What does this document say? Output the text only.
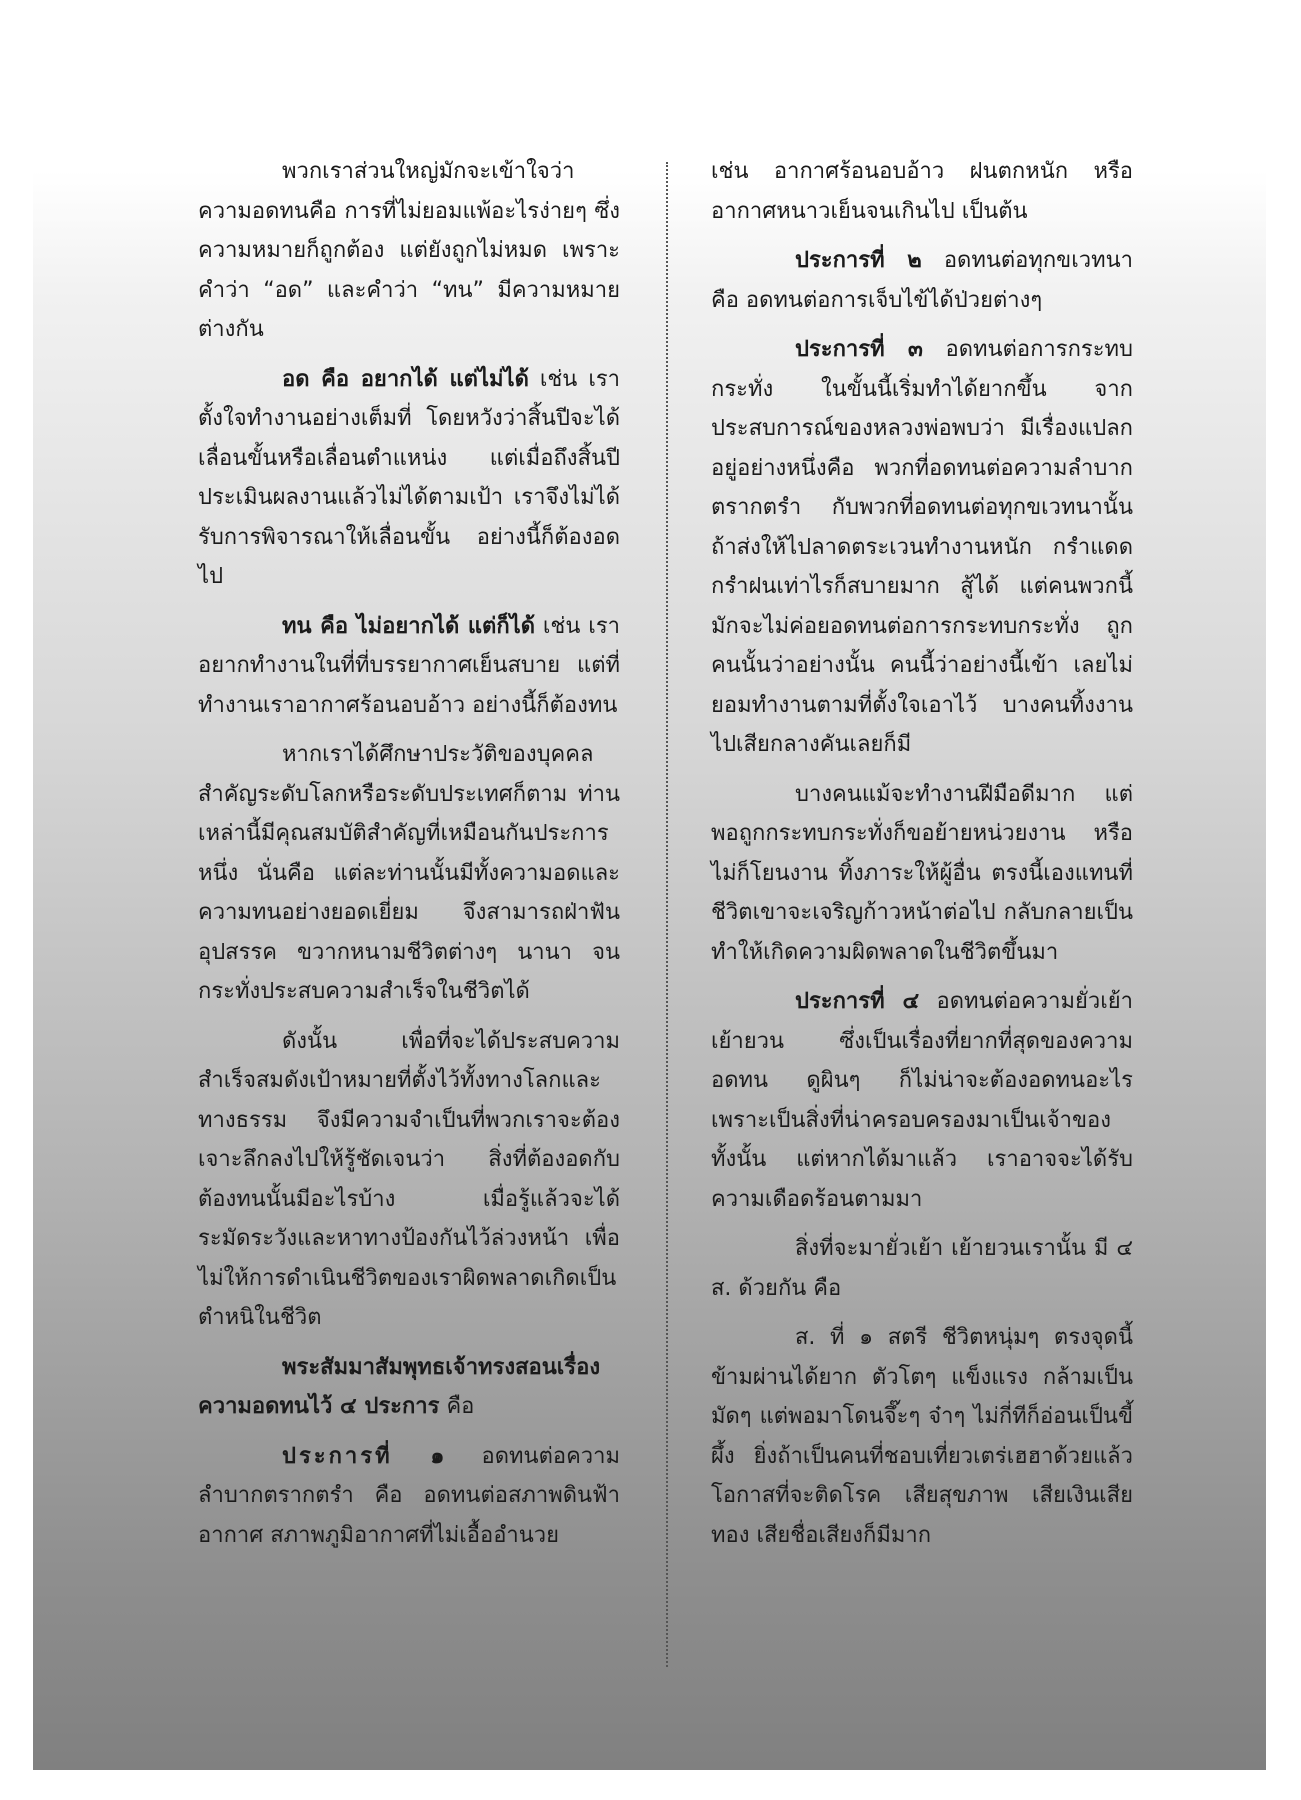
พวกเราส่วนใหญ่มักจะเข้าใจว่าความอดทนคือ การที่ไม่ยอมแพ้อะไรง่ายๆ ซึ่งความหมายก็ถูกต้อง แต่ยังถูกไม่หมด เพราะคำว่า “อด” และคำว่า “ทน” มีความหมายต่างกัน

อด คือ อยากได้ แต่ไม่ได้ เช่น เราตั้งใจทำงานอย่างเต็มที่ โดยหวังว่าสิ้นปีจะได้เลื่อนขั้นหรือเลื่อนตำแหน่ง แต่เมื่อถึงสิ้นปี ประเมินผลงานแล้วไม่ได้ตามเป้า เราจึงไม่ได้รับการพิจารณาให้เลื่อนขั้น อย่างนี้ก็ต้องอดไป

ทน คือ ไม่อยากได้ แต่ก็ได้ เช่น เราอยากทำงานในที่ที่บรรยากาศเย็นสบาย แต่ที่ทำงานเราอากาศร้อนอบอ้าว อย่างนี้ก็ต้องทน

หากเราได้ศึกษาประวัติของบุคคลสำคัญระดับโลกหรือระดับประเทศก็ตาม ท่านเหล่านี้มีคุณสมบัติสำคัญที่เหมือนกันประการหนึ่ง นั่นคือ แต่ละท่านนั้นมีทั้งความอดและความทนอย่างยอดเยี่ยม จึงสามารถฝ่าฟันอุปสรรค ขวากหนามชีวิตต่างๆ นานา จนกระทั่งประสบความสำเร็จในชีวิตได้

ดังนั้น เพื่อที่จะได้ประสบความสำเร็จสมดังเป้าหมายที่ตั้งไว้ทั้งทางโลกและทางธรรม จึงมีความจำเป็นที่พวกเราจะต้องเจาะลึกลงไปให้รู้ชัดเจนว่า สิ่งที่ต้องอดกับต้องทนนั้นมีอะไรบ้าง เมื่อรู้แล้วจะได้ระมัดระวังและหาทางป้องกันไว้ล่วงหน้า เพื่อไม่ให้การดำเนินชีวิตของเราผิดพลาดเกิดเป็นตำหนิในชีวิต

พระสัมมาสัมพุทธเจ้าทรงสอนเรื่องความอดทนไว้ ๔ ประการ คือ

ประการที่ ๑ อดทนต่อความลำบากตรากตรำ คือ อดทนต่อสภาพดินฟ้าอากาศ สภาพภูมิอากาศที่ไม่เอื้ออำนวย

เช่น อากาศร้อนอบอ้าว ฝนตกหนัก หรืออากาศหนาวเย็นจนเกินไป เป็นต้น

ประการที่ ๒ อดทนต่อทุกขเวทนา คือ อดทนต่อการเจ็บไข้ได้ป่วยต่างๆ

ประการที่ ๓ อดทนต่อการกระทบกระทั่ง ในขั้นนี้เริ่มทำได้ยากขึ้น จากประสบการณ์ของหลวงพ่อพบว่า มีเรื่องแปลกอยู่อย่างหนึ่งคือ พวกที่อดทนต่อความลำบากตรากตรำ กับพวกที่อดทนต่อทุกขเวทนานั้น ถ้าส่งให้ไปลาดตระเวนทำงานหนัก กรำแดดกรำฝนเท่าไรก็สบายมาก สู้ได้ แต่คนพวกนี้มักจะไม่ค่อยอดทนต่อการกระทบกระทั่ง ถูกคนนั้นว่าอย่างนั้น คนนี้ว่าอย่างนี้เข้า เลยไม่ยอมทำงานตามที่ตั้งใจเอาไว้ บางคนทิ้งงานไปเสียกลางคันเลยก็มี

บางคนแม้จะทำงานฝีมือดีมาก แต่พอถูกกระทบกระทั่งก็ขอย้ายหน่วยงาน หรือไม่ก็โยนงาน ทิ้งภาระให้ผู้อื่น ตรงนี้เองแทนที่ชีวิตเขาจะเจริญก้าวหน้าต่อไป กลับกลายเป็นทำให้เกิดความผิดพลาดในชีวิตขึ้นมา

ประการที่ ๔ อดทนต่อความยั่วเย้าเย้ายวน ซึ่งเป็นเรื่องที่ยากที่สุดของความอดทน ดูผินๆ ก็ไม่น่าจะต้องอดทนอะไร เพราะเป็นสิ่งที่น่าครอบครองมาเป็นเจ้าของทั้งนั้น แต่หากได้มาแล้ว เราอาจจะได้รับความเดือดร้อนตามมา

สิ่งที่จะมายั่วเย้า เย้ายวนเรานั้น มี ๔ ส. ด้วยกัน คือ

ส. ที่ ๑ สตรี ชีวิตหนุ่มๆ ตรงจุดนี้ข้ามผ่านได้ยาก ตัวโตๆ แข็งแรง กล้ามเป็นมัดๆ แต่พอมาโดนจึ๊ะๆ จ๋าๆ ไม่กี่ทีก็อ่อนเป็นขี้ผึ้ง ยิ่งถ้าเป็นคนที่ชอบเที่ยวเตร่เฮฮาด้วยแล้ว โอกาสที่จะติดโรค เสียสุขภาพ เสียเงินเสียทอง เสียชื่อเสียงก็มีมาก
